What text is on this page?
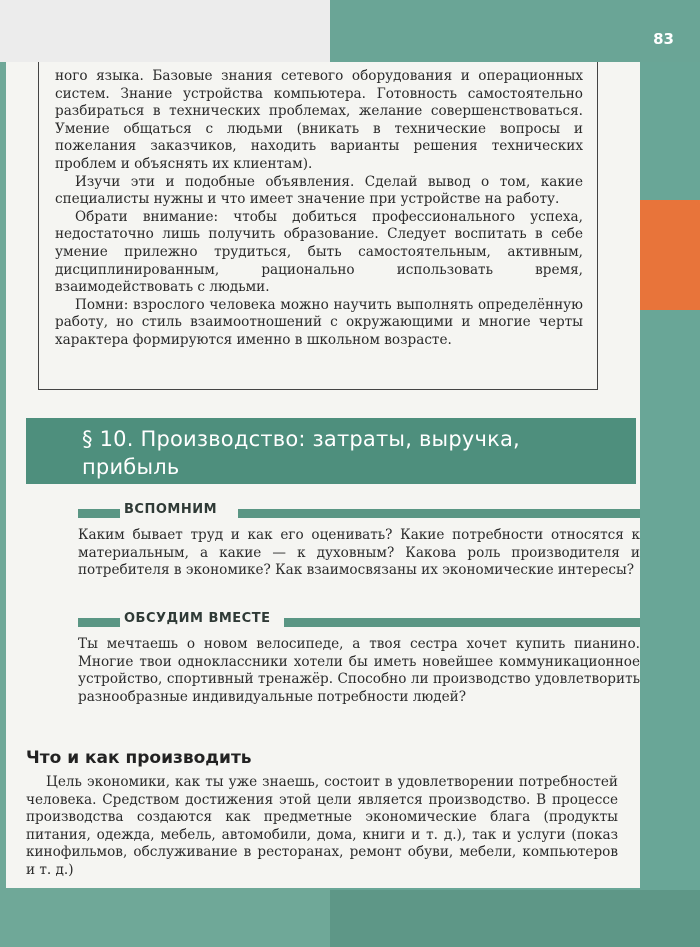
83

ного языка. Базовые знания сетевого оборудования и операционных систем. Знание устройства компьютера. Готовность самостоятельно разбираться в технических проблемах, желание совершенствоваться. Умение общаться с людьми (вникать в технические вопросы и пожелания заказчиков, находить варианты решения технических проблем и объяснять их клиентам).

Изучи эти и подобные объявления. Сделай вывод о том, какие специалисты нужны и что имеет значение при устройстве на работу.

Обрати внимание: чтобы добиться профессионального успеха, недостаточно лишь получить образование. Следует воспитать в себе умение прилежно трудиться, быть самостоятельным, активным, дисциплинированным, рационально использовать время, взаимодействовать с людьми.

Помни: взрослого человека можно научить выполнять определённую работу, но стиль взаимоотношений с окружающими и многие черты характера формируются именно в школьном возрасте.

§ 10. Производство: затраты, выручка,
прибыль
ВСПОМНИМ
Каким бывает труд и как его оценивать? Какие потребности относятся к материальным, а какие — к духовным? Какова роль производителя и потребителя в экономике? Как взаимосвязаны их экономические интересы?
ОБСУДИМ ВМЕСТЕ
Ты мечтаешь о новом велосипеде, а твоя сестра хочет купить пианино. Многие твои одноклассники хотели бы иметь новейшее коммуникационное устройство, спортивный тренажёр. Способно ли производство удовлетворить разнообразные индивидуальные потребности людей?
Что и как производить
Цель экономики, как ты уже знаешь, состоит в удовлетворении потребностей человека. Средством достижения этой цели является производство. В процессе производства создаются как предметные экономические блага (продукты питания, одежда, мебель, автомобили, дома, книги и т. д.), так и услуги (показ кинофильмов, обслуживание в ресторанах, ремонт обуви, мебели, компьютеров и т. д.)
